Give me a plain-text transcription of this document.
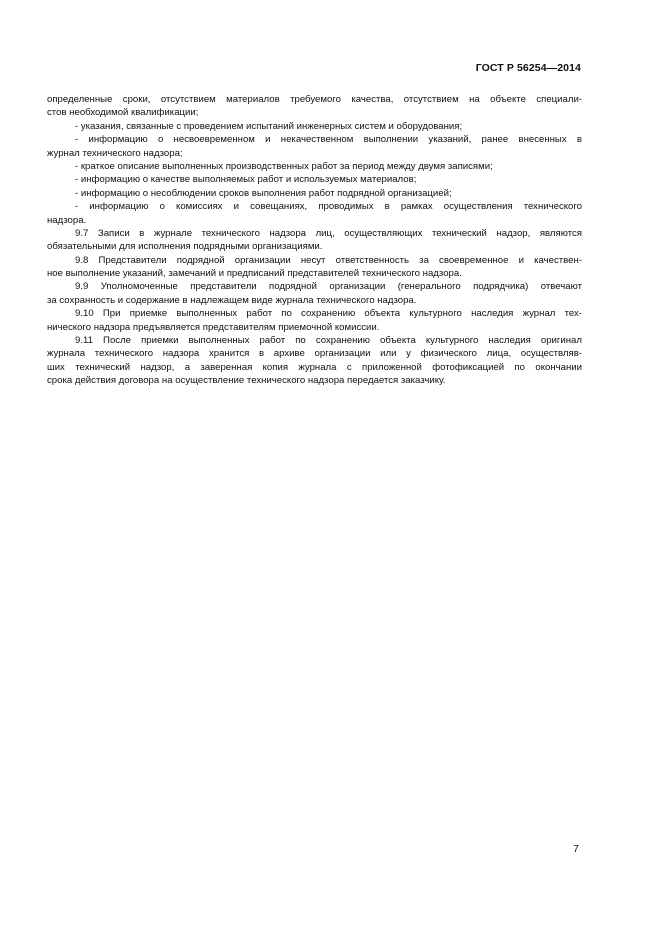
ГОСТ Р 56254—2014
определенные сроки, отсутствием материалов требуемого качества, отсутствием на объекте специали-
стов необходимой квалификации;
- указания, связанные с проведением испытаний инженерных систем и оборудования;
- информацию о несвоевременном и некачественном выполнении указаний, ранее внесенных в
журнал технического надзора;
- краткое описание выполненных производственных работ за период между двумя записями;
- информацию о качестве выполняемых работ и используемых материалов;
- информацию о несоблюдении сроков выполнения работ подрядной организацией;
- информацию о комиссиях и совещаниях, проводимых в рамках осуществления технического
надзора.
9.7 Записи в журнале технического надзора лиц, осуществляющих технический надзор, являются
обязательными для исполнения подрядными организациями.
9.8 Представители подрядной организации несут ответственность за своевременное и качествен-
ное выполнение указаний, замечаний и предписаний представителей технического надзора.
9.9 Уполномоченные представители подрядной организации (генерального подрядчика) отвечают
за сохранность и содержание в надлежащем виде журнала технического надзора.
9.10 При приемке выполненных работ по сохранению объекта культурного наследия журнал тех-
нического надзора предъявляется представителям приемочной комиссии.
9.11 После приемки выполненных работ по сохранению объекта культурного наследия оригинал
журнала технического надзора хранится в архиве организации или у физического лица, осуществляв-
ших технический надзор, а заверенная копия журнала с приложенной фотофиксацией по окончании
срока действия договора на осуществление технического надзора передается заказчику.
7
